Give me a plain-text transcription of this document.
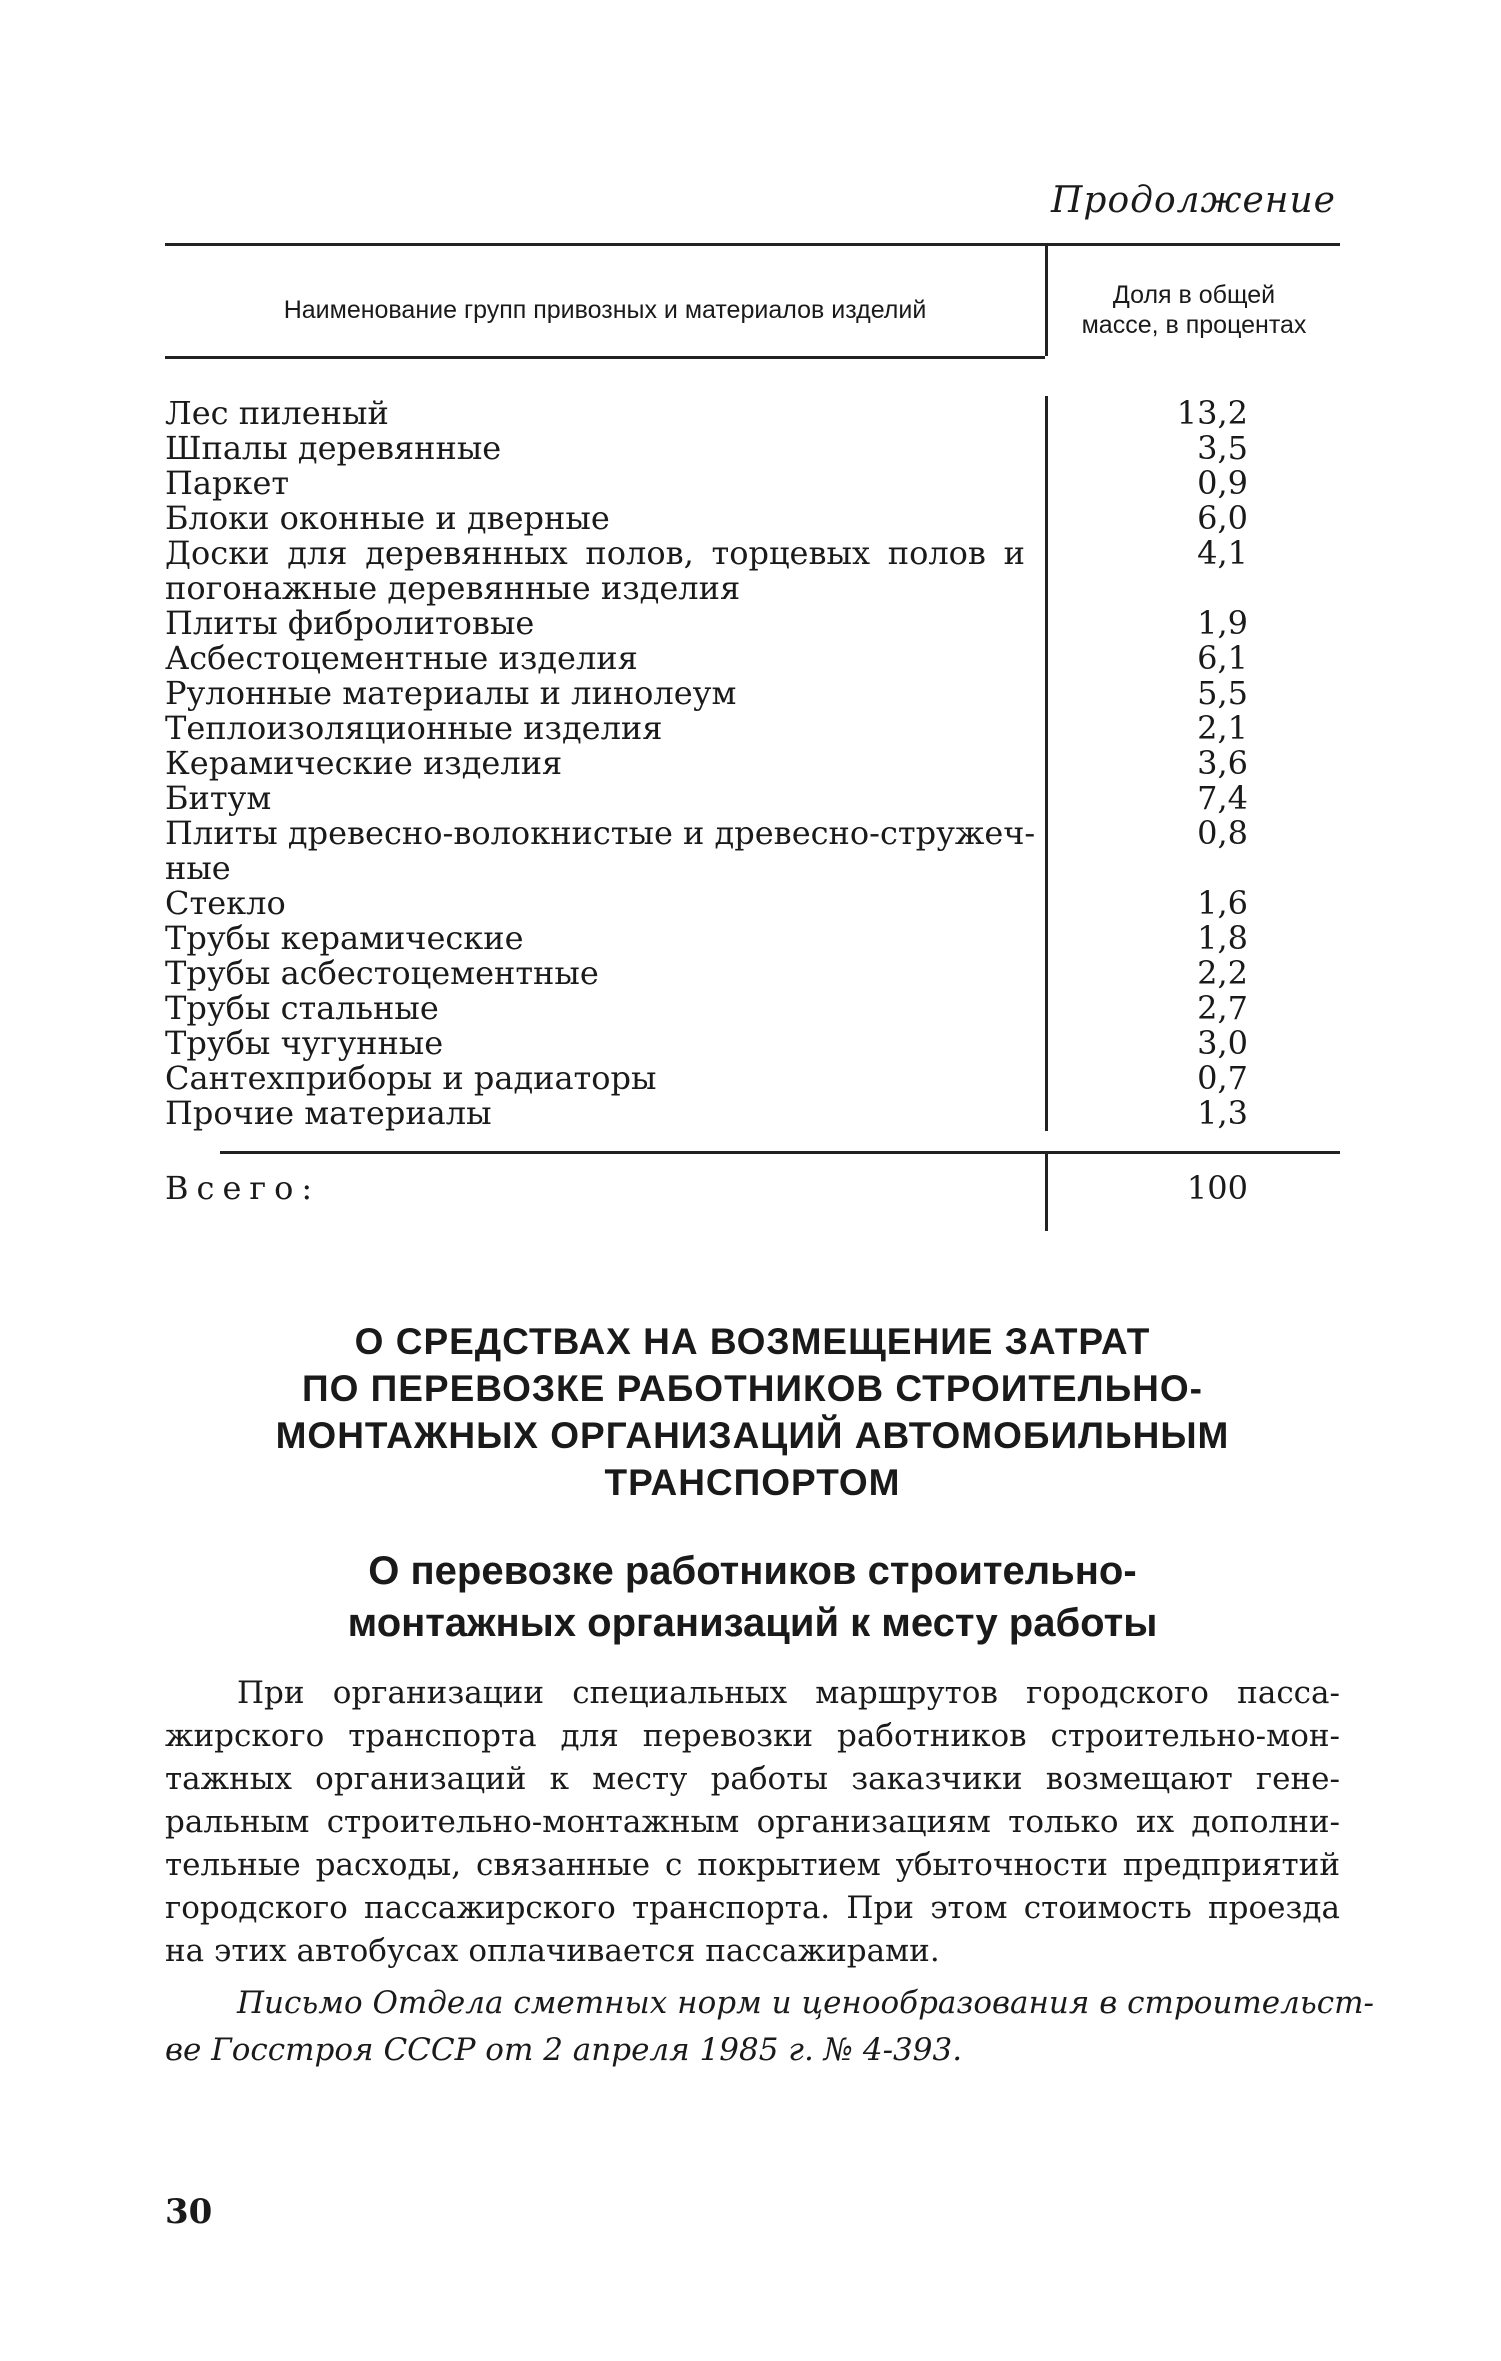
Продолжение
Наименование групп привозных и материалов изделий
Доля в общей
массе, в процентах
Лес пиленый
Шпалы деревянные
Паркет
Блоки оконные и дверные
Доски для деревянных полов, торцевых полов и
погонажные деревянные изделия
Плиты фибролитовые
Асбестоцементные изделия
Рулонные материалы и линолеум
Теплоизоляционные изделия
Керамические изделия
Битум
Плиты древесно-волокнистые и древесно-стружеч-
ные
Стекло
Трубы керамические
Трубы асбестоцементные
Трубы стальные
Трубы чугунные
Сантехприборы и радиаторы
Прочие материалы
13,2
3,5
0,9
6,0
4,1
1,9
6,1
5,5
2,1
3,6
7,4
0,8
1,6
1,8
2,2
2,7
3,0
0,7
1,3
Всего:	100
О СРЕДСТВАХ НА ВОЗМЕЩЕНИЕ ЗАТРАТ
ПО ПЕРЕВОЗКЕ РАБОТНИКОВ СТРОИТЕЛЬНО-
МОНТАЖНЫХ ОРГАНИЗАЦИЙ АВТОМОБИЛЬНЫМ
ТРАНСПОРТОМ
О перевозке работников строительно-
монтажных организаций к месту работы
При организации специальных маршрутов городского пасса-
жирского транспорта для перевозки работников строительно-мон-
тажных организаций к месту работы заказчики возмещают гене-
ральным строительно-монтажным организациям только их дополни-
тельные расходы, связанные с покрытием убыточности предприятий
городского пассажирского транспорта. При этом стоимость проезда
на этих автобусах оплачивается пассажирами.
Письмо Отдела сметных норм и ценообразования в строительст-
ве Госстроя СССР от 2 апреля 1985 г. № 4-393.
30
